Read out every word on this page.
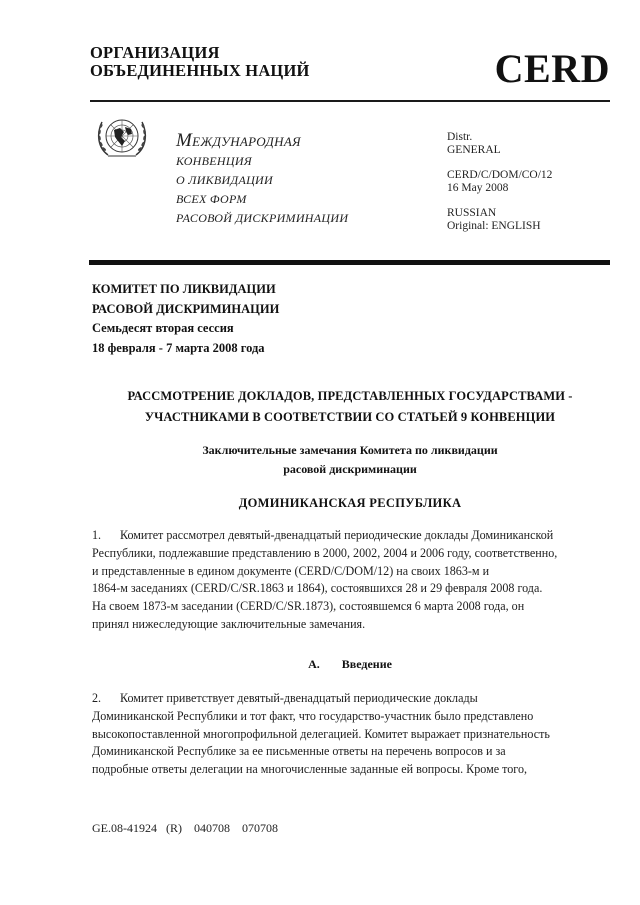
ОРГАНИЗАЦИЯ
ОБЪЕДИНЕННЫХ НАЦИЙ	CERD
Международная
КОНВЕНЦИЯ
О ЛИКВИДАЦИИ
ВСЕХ ФОРМ
РАСОВОЙ ДИСКРИМИНАЦИИ
Distr.
GENERAL
CERD/C/DOM/CO/12
16 May 2008
RUSSIAN
Original: ENGLISH
КОМИТЕТ ПО ЛИКВИДАЦИИ
РАСОВОЙ ДИСКРИМИНАЦИИ
Семьдесят вторая сессия
18 февраля - 7 марта 2008 года
РАССМОТРЕНИЕ ДОКЛАДОВ, ПРЕДСТАВЛЕННЫХ ГОСУДАРСТВАМИ -
УЧАСТНИКАМИ В СООТВЕТСТВИИ СО СТАТЬЕЙ 9 КОНВЕНЦИИ
Заключительные замечания Комитета по ликвидации
расовой дискриминации
ДОМИНИКАНСКАЯ РЕСПУБЛИКА
1. Комитет рассмотрел девятый-двенадцатый периодические доклады Доминиканской
Республики, подлежавшие представлению в 2000, 2002, 2004 и 2006 году, соответственно,
и представленные в едином документе (CERD/C/DOM/12) на своих 1863-м и
1864-м заседаниях (CERD/C/SR.1863 и 1864), состоявшихся 28 и 29 февраля 2008 года.
На своем 1873-м заседании (CERD/C/SR.1873), состоявшемся 6 марта 2008 года, он
принял нижеследующие заключительные замечания.
A. Введение
2. Комитет приветствует девятый-двенадцатый периодические доклады
Доминиканской Республики и тот факт, что государство-участник было представлено
высокопоставленной многопрофильной делегацией. Комитет выражает признательность
Доминиканской Республике за ее письменные ответы на перечень вопросов и за
подробные ответы делегации на многочисленные заданные ей вопросы. Кроме того,
GE.08-41924   (R)    040708    070708
